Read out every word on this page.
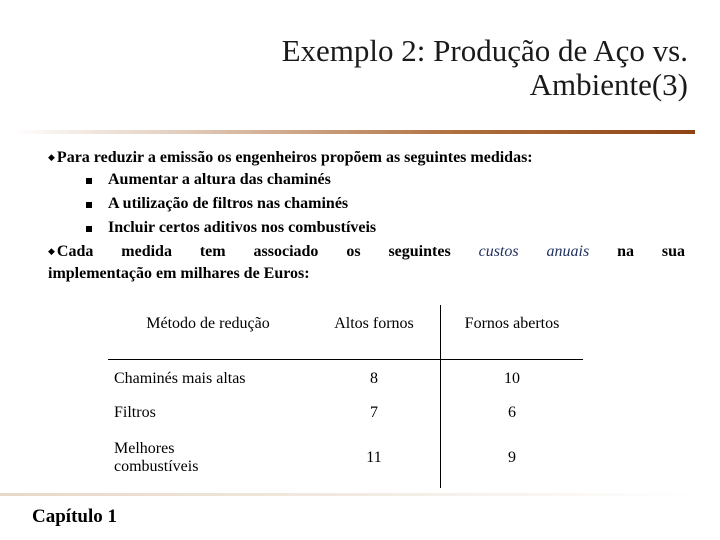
Exemplo 2: Produção de Aço vs.
Ambiente(3)
◆ Para reduzir a emissão os engenheiros propõem as seguintes medidas:
Aumentar a altura das chaminés
A utilização de filtros nas chaminés
Incluir certos aditivos nos combustíveis
◆ Cada medida tem associado os seguintes custos anuais na sua
implementação em milhares de Euros:
Método de redução	Altos fornos	Fornos abertos
Chaminés mais altas	8	10
Filtros	7	6

Melhores
combustíveis	11	9
Capítulo 1
